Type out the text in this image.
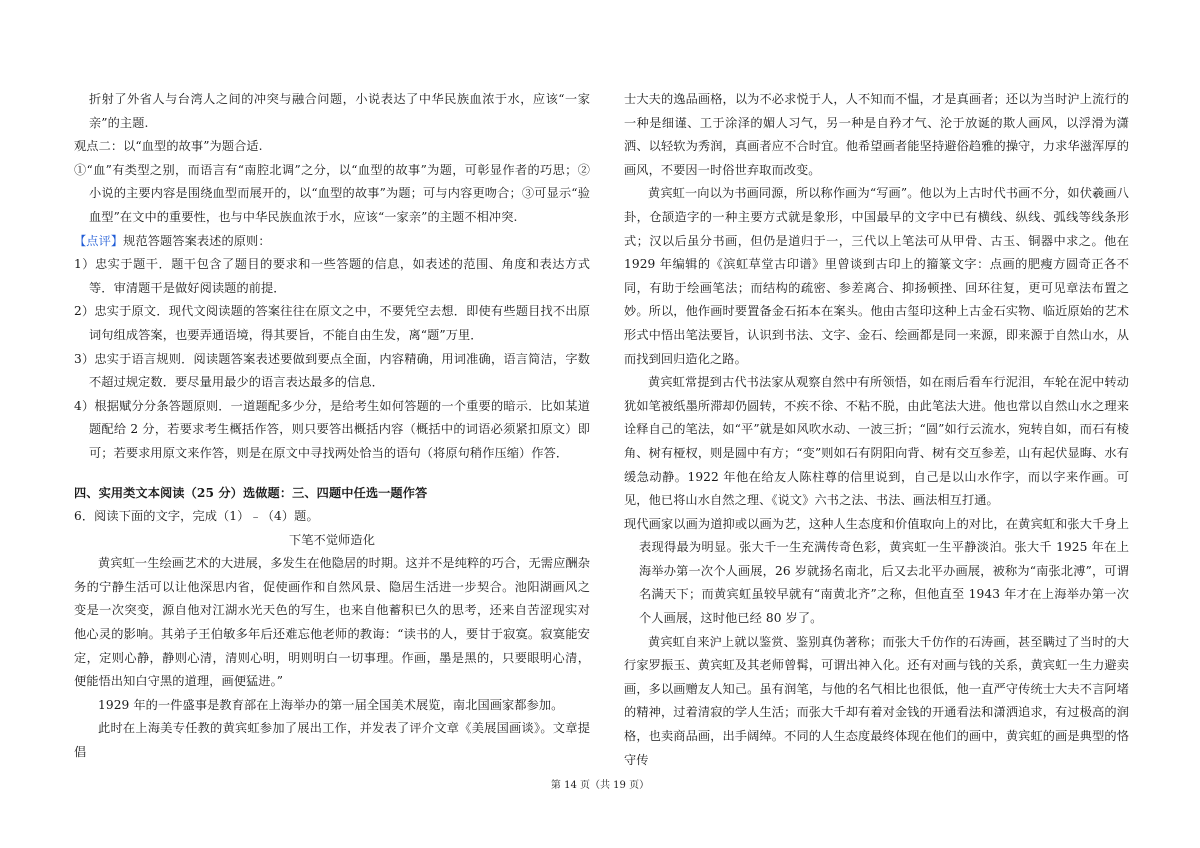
折射了外省人与台湾人之间的冲突与融合问题，小说表达了中华民族血浓于水，应该“一家亲”的主题.

观点二：以“血型的故事”为题合适.

①“血”有类型之别，而语言有“南腔北调”之分，以“血型的故事”为题，可彰显作者的巧思；②小说的主要内容是围绕血型而展开的，以“血型的故事”为题；可与内容更吻合；③可显示“验血型”在文中的重要性，也与中华民族血浓于水，应该“一家亲”的主题不相冲突.

【点评】规范答题答案表述的原则：

1）忠实于题干．题干包含了题目的要求和一些答题的信息，如表述的范围、角度和表达方式等．审清题干是做好阅读题的前提．

2）忠实于原文．现代文阅读题的答案往往在原文之中，不要凭空去想．即使有些题目找不出原词句组成答案，也要弄通语境，得其要旨，不能自由生发，离“题”万里．

3）忠实于语言规则．阅读题答案表述要做到要点全面，内容精确，用词准确，语言简洁，字数不超过规定数．要尽量用最少的语言表达最多的信息．

4）根据赋分分条答题原则．一道题配多少分，是给考生如何答题的一个重要的暗示．比如某道题配给 2 分，若要求考生概括作答，则只要答出概括内容（概括中的词语必须紧扣原文）即可；若要求用原文来作答，则是在原文中寻找两处恰当的语句（将原句稍作压缩）作答．

四、实用类文本阅读（25 分）选做题：三、四题中任选一题作答

6．阅读下面的文字，完成（1）﹣（4）题。

下笔不觉师造化

黄宾虹一生绘画艺术的大进展，多发生在他隐居的时期。这并不是纯粹的巧合，无需应酬杂务的宁静生活可以让他深思内省，促使画作和自然风景、隐居生活进一步契合。池阳湖画风之变是一次突变，源自他对江湖水光天色的写生，也来自他蓄积已久的思考，还来自苦涩现实对他心灵的影响。其弟子王伯敏多年后还难忘他老师的教诲：“读书的人，要甘于寂寞。寂寞能安定，定则心静，静则心清，清则心明，明则明白一切事理。作画，墨是黑的，只要眼明心清，便能悟出知白守黑的道理，画便猛进。”

1929 年的一件盛事是教育部在上海举办的第一届全国美术展览，南北国画家都参加。

此时在上海美专任教的黄宾虹参加了展出工作，并发表了评介文章《美展国画谈》。文章提倡

士大夫的逸品画格，以为不必求悦于人，人不知而不愠，才是真画者；还以为当时沪上流行的一种是细谨、工于涂泽的媚人习气，另一种是自矜才气、沦于放诞的欺人画风，以浮滑为潇洒、以轻软为秀润，真画者应不合时宜。他希望画者能坚持避俗趋雅的操守，力求华滋浑厚的画风，不要因一时俗世弃取而改变。

黄宾虹一向以为书画同源，所以称作画为“写画”。他以为上古时代书画不分，如伏羲画八卦，仓颉造字的一种主要方式就是象形，中国最早的文字中已有横线、纵线、弧线等线条形式；汉以后虽分书画，但仍是道归于一，三代以上笔法可从甲骨、古玉、铜器中求之。他在 1929 年编辑的《滨虹草堂古印谱》里曾谈到古印上的籀篆文字：点画的肥瘦方圆奇正各不同，有助于绘画笔法；而结构的疏密、参差离合、抑扬顿挫、回环往复，更可见章法布置之妙。所以，他作画时要置备金石拓本在案头。他由古玺印这种上古金石实物、临近原始的艺术形式中悟出笔法要旨，认识到书法、文字、金石、绘画都是同一来源，即来源于自然山水，从而找到回归造化之路。

黄宾虹常提到古代书法家从观察自然中有所领悟，如在雨后看车行泥泪，车轮在泥中转动犹如笔被纸墨所滞却仍圆转，不疾不徐、不粘不脱，由此笔法大进。他也常以自然山水之理来诠释自己的笔法，如“平”就是如风吹水动、一波三折；“圆”如行云流水，宛转自如，而石有棱角、树有桠杈，则是圆中有方；“变”则如石有阴阳向背、树有交互参差，山有起伏显晦、水有缓急动静。1922 年他在给友人陈柱尊的信里说到，自己是以山水作字，而以字来作画。可见，他已将山水自然之理、《说文》六书之法、书法、画法相互打通。

现代画家以画为道抑或以画为艺，这种人生态度和价值取向上的对比，在黄宾虹和张大千身上表现得最为明显。张大千一生充满传奇色彩，黄宾虹一生平静淡泊。张大千 1925 年在上海举办第一次个人画展，26 岁就扬名南北，后又去北平办画展，被称为“南张北溥”，可谓名满天下；而黄宾虹虽较早就有“南黄北齐”之称，但他直至 1943 年才在上海举办第一次个人画展，这时他已经 80 岁了。

黄宾虹自来沪上就以鉴赏、鉴别真伪著称；而张大千仿作的石涛画，甚至瞒过了当时的大行家罗振玉、黄宾虹及其老师曾髯，可谓出神入化。还有对画与钱的关系，黄宾虹一生力避卖画，多以画赠友人知己。虽有润笔，与他的名气相比也很低，他一直严守传统士大夫不言阿堵的精神，过着清寂的学人生活；而张大千却有着对金钱的开通看法和潇洒追求，有过极高的润格，也卖商品画，出手阔绰。不同的人生态度最终体现在他们的画中，黄宾虹的画是典型的恪守传

第 14 页（共 19 页）
